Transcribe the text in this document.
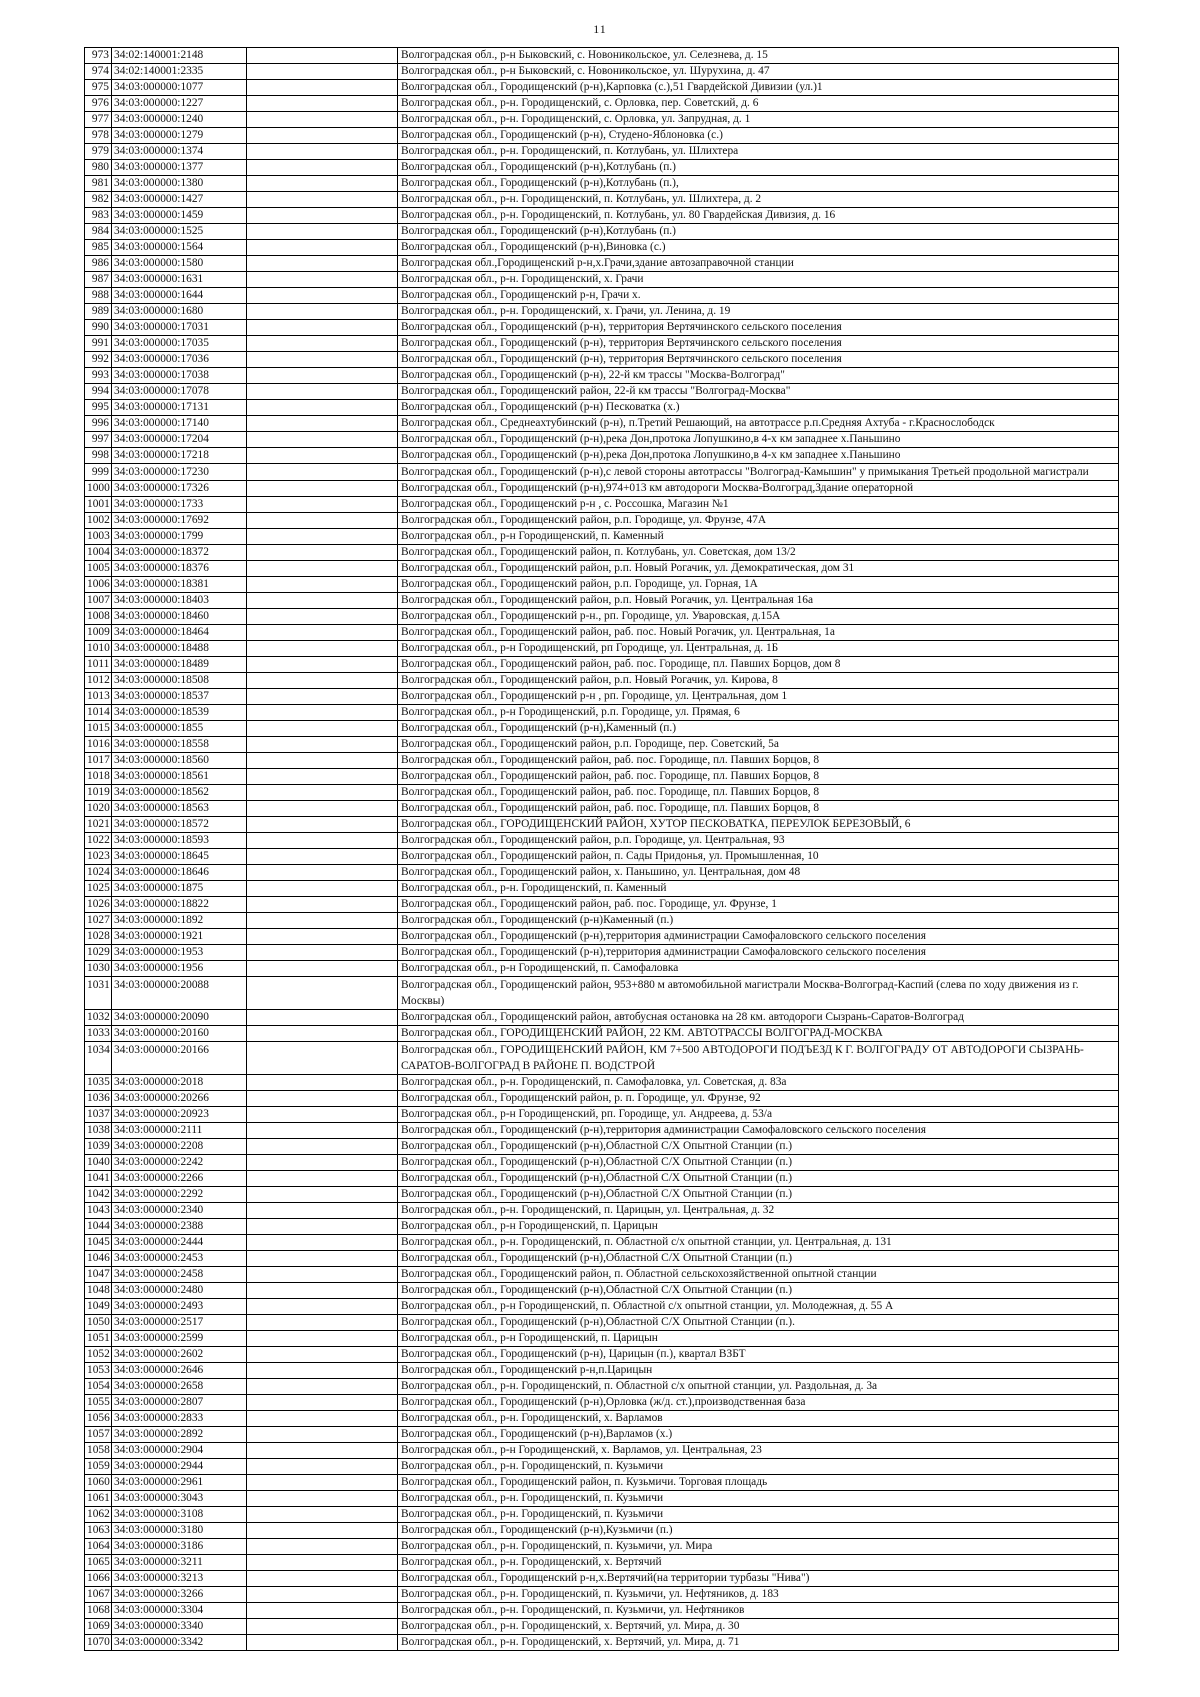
11
973	34:02:140001:2148		Волгоградская обл., р-н Быковский, с. Новоникольское, ул. Селезнева, д. 15
974	34:02:140001:2335		Волгоградская обл., р-н Быковский, с. Новоникольское, ул. Шурухина, д. 47
975	34:03:000000:1077		Волгоградская обл., Городищенский (р-н),Карповка (с.),51 Гвардейской Дивизии (ул.)1
976	34:03:000000:1227		Волгоградская обл., р-н. Городищенский, с. Орловка, пер. Советский, д. 6
977	34:03:000000:1240		Волгоградская обл., р-н. Городищенский, с. Орловка, ул. Запрудная, д. 1
978	34:03:000000:1279		Волгоградская обл., Городищенский (р-н), Студено-Яблоновка (с.)
979	34:03:000000:1374		Волгоградская обл., р-н. Городищенский, п. Котлубань, ул. Шлихтера
980	34:03:000000:1377		Волгоградская обл., Городищенский (р-н),Котлубань (п.)
981	34:03:000000:1380		Волгоградская обл., Городищенский (р-н),Котлубань (п.),
982	34:03:000000:1427		Волгоградская обл., р-н. Городищенский, п. Котлубань, ул. Шлихтера, д. 2
983	34:03:000000:1459		Волгоградская обл., р-н. Городищенский, п. Котлубань, ул. 80 Гвардейская Дивизия, д. 16
984	34:03:000000:1525		Волгоградская обл., Городищенский (р-н),Котлубань (п.)
985	34:03:000000:1564		Волгоградская обл., Городищенский (р-н),Виновка (с.)
986	34:03:000000:1580		Волгоградская обл.,Городищенский р-н,х.Грачи,здание автозаправочной станции
987	34:03:000000:1631		Волгоградская обл., р-н. Городищенский, х. Грачи
988	34:03:000000:1644		Волгоградская обл., Городищенский р-н, Грачи х.
989	34:03:000000:1680		Волгоградская обл., р-н. Городищенский, х. Грачи, ул. Ленина, д. 19
990	34:03:000000:17031		Волгоградская обл., Городищенский (р-н), территория Вертячинского сельского поселения
991	34:03:000000:17035		Волгоградская обл., Городищенский (р-н), территория Вертячинского сельского поселения
992	34:03:000000:17036		Волгоградская обл., Городищенский (р-н), территория Вертячинского сельского поселения
993	34:03:000000:17038		Волгоградская обл., Городищенский (р-н), 22-й км трассы "Москва-Волгоград"
994	34:03:000000:17078		Волгоградская обл., Городищенский район, 22-й км трассы "Волгоград-Москва"
995	34:03:000000:17131		Волгоградская обл., Городищенский (р-н) Песковатка (х.)
996	34:03:000000:17140		Волгоградская обл., Среднеахтубинский (р-н), п.Третий Решающий, на автотрассе р.п.Средняя Ахтуба - г.Краснослободск
997	34:03:000000:17204		Волгоградская обл., Городищенский (р-н),река Дон,протока Лопушкино,в 4-х км западнее х.Паньшино
998	34:03:000000:17218		Волгоградская обл., Городищенский (р-н),река Дон,протока Лопушкино,в 4-х км западнее х.Паньшино
999	34:03:000000:17230		Волгоградская обл., Городищенский (р-н),с левой стороны автотрассы "Волгоград-Камышин" у примыкания Третьей продольной магистрали
1000	34:03:000000:17326		Волгоградская обл., Городищенский (р-н),974+013 км автодороги Москва-Волгоград,Здание операторной
1001	34:03:000000:1733		Волгоградская обл., Городищенский р-н , с. Россошка, Магазин №1
1002	34:03:000000:17692		Волгоградская обл., Городищенский район, р.п. Городище, ул. Фрунзе, 47А
1003	34:03:000000:1799		Волгоградская обл., р-н Городищенский, п. Каменный
1004	34:03:000000:18372		Волгоградская обл., Городищенский район, п. Котлубань, ул. Советская, дом 13/2
1005	34:03:000000:18376		Волгоградская обл., Городищенский район, р.п. Новый Рогачик, ул. Демократическая, дом 31
1006	34:03:000000:18381		Волгоградская обл., Городищенский район, р.п. Городище, ул. Горная, 1А
1007	34:03:000000:18403		Волгоградская обл., Городищенский район, р.п. Новый Рогачик, ул. Центральная 16а
1008	34:03:000000:18460		Волгоградская обл., Городищенский р-н., рп. Городище, ул. Уваровская, д.15А
1009	34:03:000000:18464		Волгоградская обл., Городищенский район, раб. пос. Новый Рогачик, ул. Центральная, 1а
1010	34:03:000000:18488		Волгоградская обл., р-н Городищенский, рп Городище, ул. Центральная, д. 1Б
1011	34:03:000000:18489		Волгоградская обл., Городищенский район, раб. пос. Городище, пл. Павших Борцов, дом 8
1012	34:03:000000:18508		Волгоградская обл., Городищенский район, р.п. Новый Рогачик, ул. Кирова, 8
1013	34:03:000000:18537		Волгоградская обл., Городищенский р-н , рп. Городище, ул. Центральная, дом 1
1014	34:03:000000:18539		Волгоградская обл., р-н Городищенский, р.п. Городище, ул. Прямая, 6
1015	34:03:000000:1855		Волгоградская обл., Городищенский (р-н),Каменный (п.)
1016	34:03:000000:18558		Волгоградская обл., Городищенский район, р.п. Городище, пер. Советский, 5а
1017	34:03:000000:18560		Волгоградская обл., Городищенский район, раб. пос. Городище, пл. Павших Борцов, 8
1018	34:03:000000:18561		Волгоградская обл., Городищенский район, раб. пос. Городище, пл. Павших Борцов, 8
1019	34:03:000000:18562		Волгоградская обл., Городищенский район, раб. пос. Городище, пл. Павших Борцов, 8
1020	34:03:000000:18563		Волгоградская обл., Городищенский район, раб. пос. Городище, пл. Павших Борцов, 8
1021	34:03:000000:18572		Волгоградская обл., ГОРОДИЩЕНСКИЙ РАЙОН, ХУТОР ПЕСКОВАТКА, ПЕРЕУЛОК БЕРЕЗОВЫЙ, 6
1022	34:03:000000:18593		Волгоградская обл., Городищенский район, р.п. Городище, ул. Центральная, 93
1023	34:03:000000:18645		Волгоградская обл., Городищенский район, п. Сады Придонья, ул. Промышленная, 10
1024	34:03:000000:18646		Волгоградская обл., Городищенский район, х. Паньшино, ул. Центральная, дом 48
1025	34:03:000000:1875		Волгоградская обл., р-н. Городищенский, п. Каменный
1026	34:03:000000:18822		Волгоградская обл., Городищенский район, раб. пос. Городище, ул. Фрунзе, 1
1027	34:03:000000:1892		Волгоградская обл., Городищенский (р-н)Каменный (п.)
1028	34:03:000000:1921		Волгоградская обл., Городищенский (р-н),территория администрации Самофаловского сельского поселения
1029	34:03:000000:1953		Волгоградская обл., Городищенский (р-н),территория администрации Самофаловского сельского поселения
1030	34:03:000000:1956		Волгоградская обл., р-н Городищенский, п. Самофаловка
1031	34:03:000000:20088		Волгоградская обл., Городищенский район, 953+880 м автомобильной магистрали Москва-Волгоград-Каспий (слева по ходу движения из г. Москвы)
1032	34:03:000000:20090		Волгоградская обл., Городищенский район, автобусная остановка на 28 км. автодороги Сызрань-Саратов-Волгоград
1033	34:03:000000:20160		Волгоградская обл., ГОРОДИЩЕНСКИЙ РАЙОН, 22 КМ. АВТОТРАССЫ ВОЛГОГРАД-МОСКВА
1034	34:03:000000:20166		Волгоградская обл., ГОРОДИЩЕНСКИЙ РАЙОН, КМ 7+500 АВТОДОРОГИ ПОДЪЕЗД К Г. ВОЛГОГРАДУ ОТ АВТОДОРОГИ СЫЗРАНЬ-САРАТОВ-ВОЛГОГРАД В РАЙОНЕ П. ВОДСТРОЙ
1035	34:03:000000:2018		Волгоградская обл., р-н. Городищенский, п. Самофаловка, ул. Советская, д. 83а
1036	34:03:000000:20266		Волгоградская обл., Городищенский район, р. п. Городище, ул. Фрунзе, 92
1037	34:03:000000:20923		Волгоградская обл., р-н Городищенский, рп. Городище, ул. Андреева, д. 53/а
1038	34:03:000000:2111		Волгоградская обл., Городищенский (р-н),территория администрации Самофаловского сельского поселения
1039	34:03:000000:2208		Волгоградская обл., Городищенский (р-н),Областной С/Х Опытной Станции (п.)
1040	34:03:000000:2242		Волгоградская обл., Городищенский (р-н),Областной С/Х Опытной Станции (п.)
1041	34:03:000000:2266		Волгоградская обл., Городищенский (р-н),Областной С/Х Опытной Станции (п.)
1042	34:03:000000:2292		Волгоградская обл., Городищенский (р-н),Областной С/Х Опытной Станции (п.)
1043	34:03:000000:2340		Волгоградская обл., р-н. Городищенский, п. Царицын, ул. Центральная, д. 32
1044	34:03:000000:2388		Волгоградская обл., р-н Городищенский, п. Царицын
1045	34:03:000000:2444		Волгоградская обл., р-н. Городищенский, п. Областной с/х опытной станции, ул. Центральная, д. 131
1046	34:03:000000:2453		Волгоградская обл., Городищенский (р-н),Областной С/Х Опытной Станции (п.)
1047	34:03:000000:2458		Волгоградская обл., Городищенский район, п. Областной сельскохозяйственной опытной станции
1048	34:03:000000:2480		Волгоградская обл., Городищенский (р-н),Областной С/Х Опытной Станции (п.)
1049	34:03:000000:2493		Волгоградская обл., р-н Городищенский, п. Областной с/х опытной станции, ул. Молодежная, д. 55 А
1050	34:03:000000:2517		Волгоградская обл., Городищенский (р-н),Областной С/Х Опытной Станции (п.).
1051	34:03:000000:2599		Волгоградская обл., р-н Городищенский, п. Царицын
1052	34:03:000000:2602		Волгоградская обл., Городищенский (р-н), Царицын (п.), квартал ВЗБТ
1053	34:03:000000:2646		Волгоградская обл., Городищенский р-н,п.Царицын
1054	34:03:000000:2658		Волгоградская обл., р-н. Городищенский, п. Областной с/х опытной станции, ул. Раздольная, д. 3а
1055	34:03:000000:2807		Волгоградская обл., Городищенский (р-н),Орловка (ж/д. ст.),производственная база
1056	34:03:000000:2833		Волгоградская обл., р-н. Городищенский, х. Варламов
1057	34:03:000000:2892		Волгоградская обл., Городищенский (р-н),Варламов (х.)
1058	34:03:000000:2904		Волгоградская обл., р-н Городищенский, х. Варламов, ул. Центральная, 23
1059	34:03:000000:2944		Волгоградская обл., р-н. Городищенский, п. Кузьмичи
1060	34:03:000000:2961		Волгоградская обл., Городищенский район, п. Кузьмичи. Торговая площадь
1061	34:03:000000:3043		Волгоградская обл., р-н. Городищенский, п. Кузьмичи
1062	34:03:000000:3108		Волгоградская обл., р-н. Городищенский, п. Кузьмичи
1063	34:03:000000:3180		Волгоградская обл., Городищенский (р-н),Кузьмичи (п.)
1064	34:03:000000:3186		Волгоградская обл., р-н. Городищенский, п. Кузьмичи, ул. Мира
1065	34:03:000000:3211		Волгоградская обл., р-н. Городищенский, х. Вертячий
1066	34:03:000000:3213		Волгоградская обл., Городищенский р-н,х.Вертячий(на территории турбазы "Нива")
1067	34:03:000000:3266		Волгоградская обл., р-н. Городищенский, п. Кузьмичи, ул. Нефтяников, д. 183
1068	34:03:000000:3304		Волгоградская обл., р-н. Городищенский, п. Кузьмичи, ул. Нефтяников
1069	34:03:000000:3340		Волгоградская обл., р-н. Городищенский, х. Вертячий, ул. Мира, д. 30
1070	34:03:000000:3342		Волгоградская обл., р-н. Городищенский, х. Вертячий, ул. Мира, д. 71
